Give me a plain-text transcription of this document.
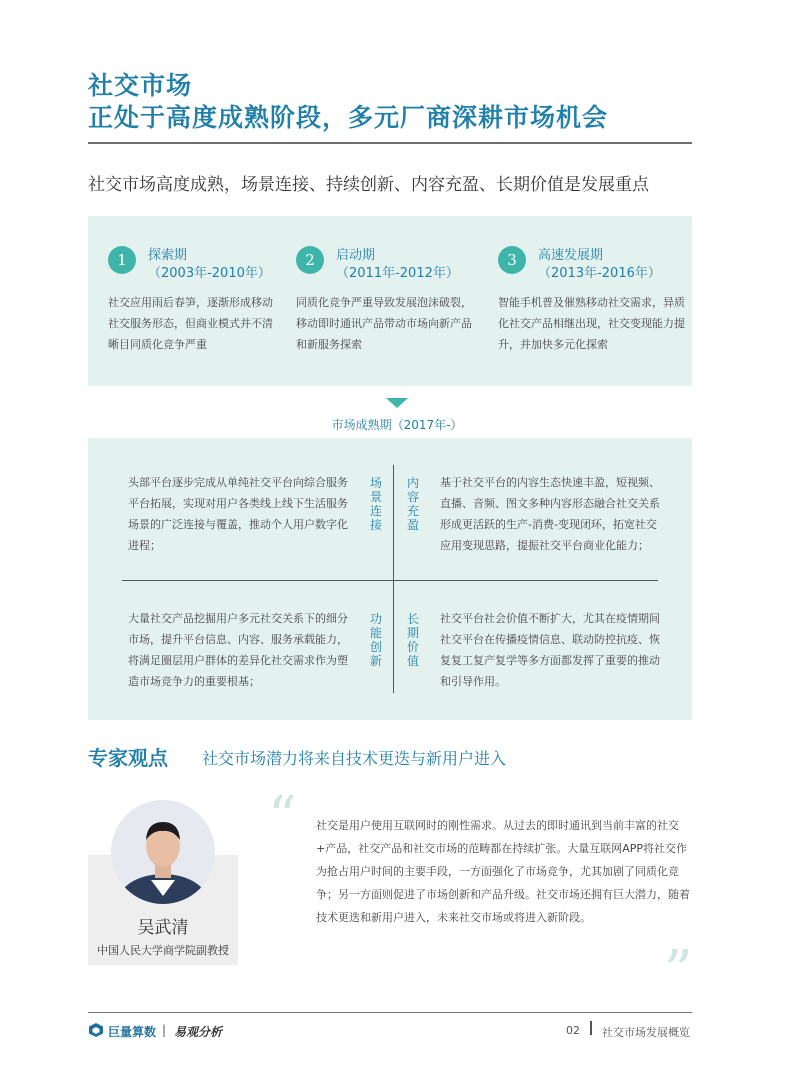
社交市场
正处于高度成熟阶段，多元厂商深耕市场机会
社交市场高度成熟，场景连接、持续创新、内容充盈、长期价值是发展重点
1	探索期
（2003年-2010年）
社交应用雨后春笋，逐渐形成移动社交服务形态，但商业模式并不清晰目同质化竞争严重
2	启动期
（2011年-2012年）
同质化竞争严重导致发展泡沫破裂，移动即时通讯产品带动市场向新产品和新服务探索
3	高速发展期
（2013年-2016年）
智能手机普及催熟移动社交需求，异质化社交产品相继出现，社交变现能力提升，并加快多元化探索
市场成熟期（2017年-）
头部平台逐步完成从单纯社交平台向综合服务平台拓展，实现对用户各类线上线下生活服务场景的广泛连接与覆盖，推动个人用户数字化进程；
场景连接
内容充盈
基于社交平台的内容生态快速丰盈，短视频、直播、音频、图文多种内容形态融合社交关系形成更活跃的生产-消费-变现闭环，拓宽社交应用变现思路，提振社交平台商业化能力；
大量社交产品挖掘用户多元社交关系下的细分市场，提升平台信息、内容、服务承载能力，将满足圈层用户群体的差异化社交需求作为塑造市场竞争力的重要根基；
功能创新
长期价值
社交平台社会价值不断扩大，尤其在疫情期间社交平台在传播疫情信息、联动防控抗疫、恢复复工复产复学等多方面都发挥了重要的推动和引导作用。
专家观点 社交市场潜力将来自技术更迭与新用户进入
吴武清
中国人民大学商学院副教授
“ 社交是用户使用互联网时的刚性需求。从过去的即时通讯到当前丰富的社交+产品，社交产品和社交市场的范畴都在持续扩张。大量互联网APP将社交作为抢占用户时间的主要手段，一方面强化了市场竞争，尤其加剧了同质化竞争；另一方面则促进了市场创新和产品升级。社交市场还拥有巨大潜力，随着技术更迭和新用户进入，未来社交市场或将进入新阶段。
”
巨量算数 | 易观分析	02 社交市场发展概览
